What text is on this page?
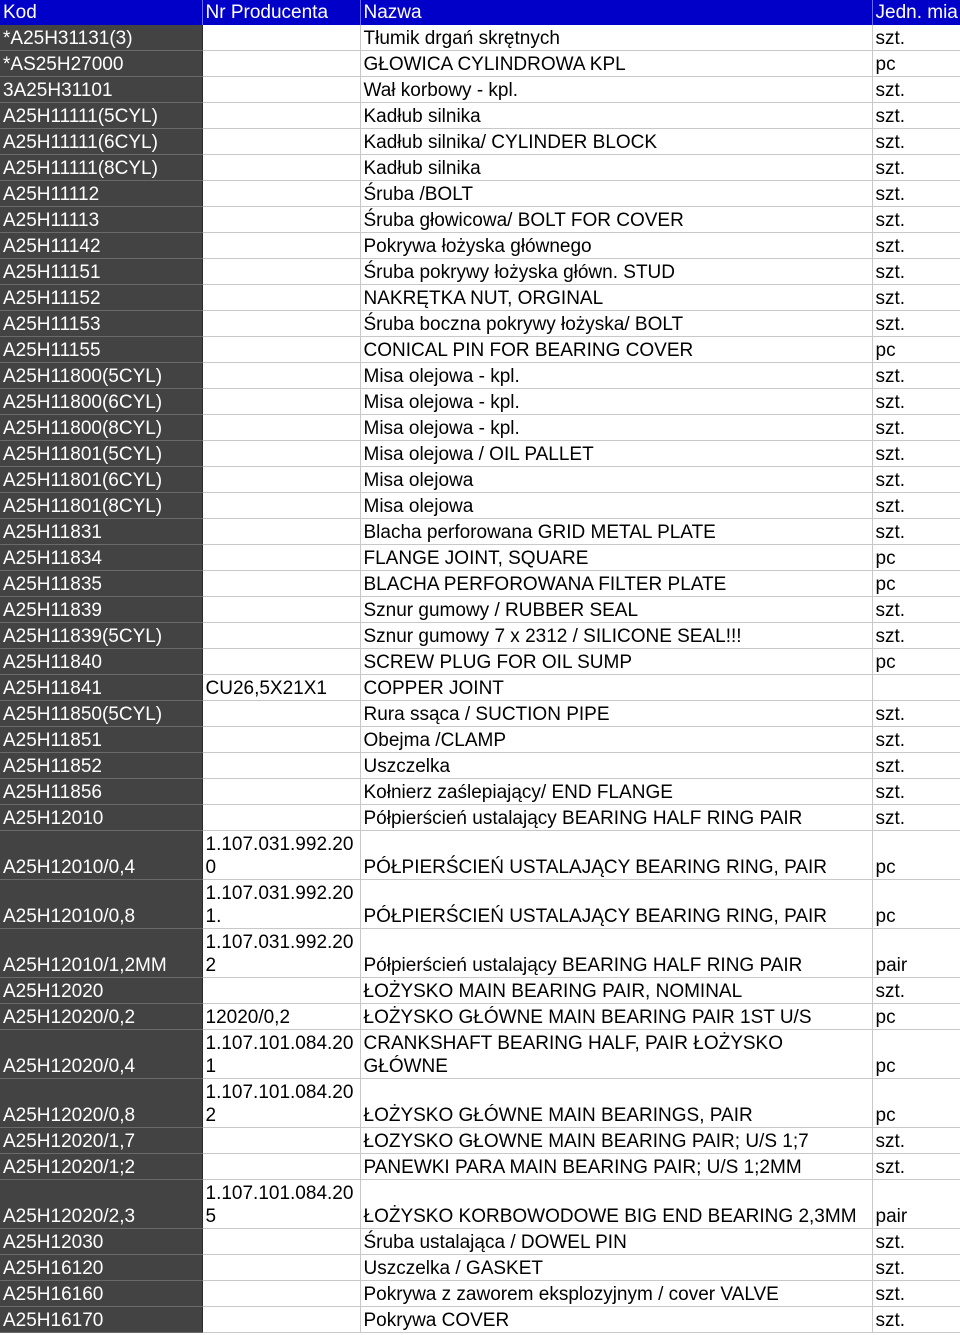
Kod	Nr Producenta	Nazwa	Jedn. mia
*A25H31131(3)		Tłumik drgań skrętnych	szt.
*AS25H27000		GŁOWICA CYLINDROWA KPL	pc
3A25H31101		Wał korbowy - kpl.	szt.
A25H11111(5CYL)		Kadłub silnika	szt.
A25H11111(6CYL)		Kadłub silnika/ CYLINDER BLOCK	szt.
A25H11111(8CYL)		Kadłub silnika	szt.
A25H11112		Śruba /BOLT	szt.
A25H11113		Śruba głowicowa/ BOLT FOR COVER	szt.
A25H11142		Pokrywa łożyska głównego	szt.
A25H11151		Śruba pokrywy łożyska główn. STUD	szt.
A25H11152		NAKRĘTKA NUT, ORGINAL	szt.
A25H11153		Śruba boczna pokrywy łożyska/ BOLT	szt.
A25H11155		CONICAL PIN FOR BEARING COVER	pc
A25H11800(5CYL)		Misa olejowa - kpl.	szt.
A25H11800(6CYL)		Misa olejowa - kpl.	szt.
A25H11800(8CYL)		Misa olejowa - kpl.	szt.
A25H11801(5CYL)		Misa olejowa / OIL PALLET	szt.
A25H11801(6CYL)		Misa olejowa	szt.
A25H11801(8CYL)		Misa olejowa	szt.
A25H11831		Blacha perforowana GRID METAL PLATE	szt.
A25H11834		FLANGE JOINT, SQUARE	pc
A25H11835		BLACHA PERFOROWANA FILTER PLATE	pc
A25H11839		Sznur gumowy / RUBBER SEAL	szt.
A25H11839(5CYL)		Sznur gumowy 7 x 2312 / SILICONE SEAL!!!	szt.
A25H11840		SCREW PLUG FOR OIL SUMP	pc
A25H11841	CU26,5X21X1	COPPER JOINT	
A25H11850(5CYL)		Rura ssąca / SUCTION PIPE	szt.
A25H11851		Obejma /CLAMP	szt.
A25H11852		Uszczelka	szt.
A25H11856		Kołnierz zaślepiający/ END FLANGE	szt.
A25H12010		Półpierścień ustalający BEARING HALF RING PAIR	szt.
A25H12010/0,4	1.107.031.992.200	PÓŁPIERŚCIEŃ USTALAJĄCY BEARING RING, PAIR	pc
A25H12010/0,8	1.107.031.992.201.	PÓŁPIERŚCIEŃ USTALAJĄCY BEARING RING, PAIR	pc
A25H12010/1,2MM	1.107.031.992.202	Półpierścień ustalający BEARING HALF RING PAIR	pair
A25H12020		ŁOŻYSKO MAIN BEARING PAIR, NOMINAL	szt.
A25H12020/0,2	12020/0,2	ŁOŻYSKO GŁÓWNE MAIN BEARING PAIR 1ST U/S	pc
A25H12020/0,4	1.107.101.084.201	CRANKSHAFT BEARING HALF, PAIR ŁOŻYSKO GŁÓWNE	pc
A25H12020/0,8	1.107.101.084.202	ŁOŻYSKO GŁÓWNE MAIN BEARINGS, PAIR	pc
A25H12020/1,7		ŁOZYSKO GŁOWNE MAIN BEARING PAIR; U/S 1;7	szt.
A25H12020/1;2		PANEWKI PARA MAIN BEARING PAIR; U/S 1;2MM	szt.
A25H12020/2,3	1.107.101.084.205	ŁOŻYSKO KORBOWODOWE BIG END BEARING 2,3MM	pair
A25H12030		Śruba ustalająca / DOWEL PIN	szt.
A25H16120		Uszczelka / GASKET	szt.
A25H16160		Pokrywa z zaworem eksplozyjnym / cover VALVE	szt.
A25H16170		Pokrywa COVER	szt.
